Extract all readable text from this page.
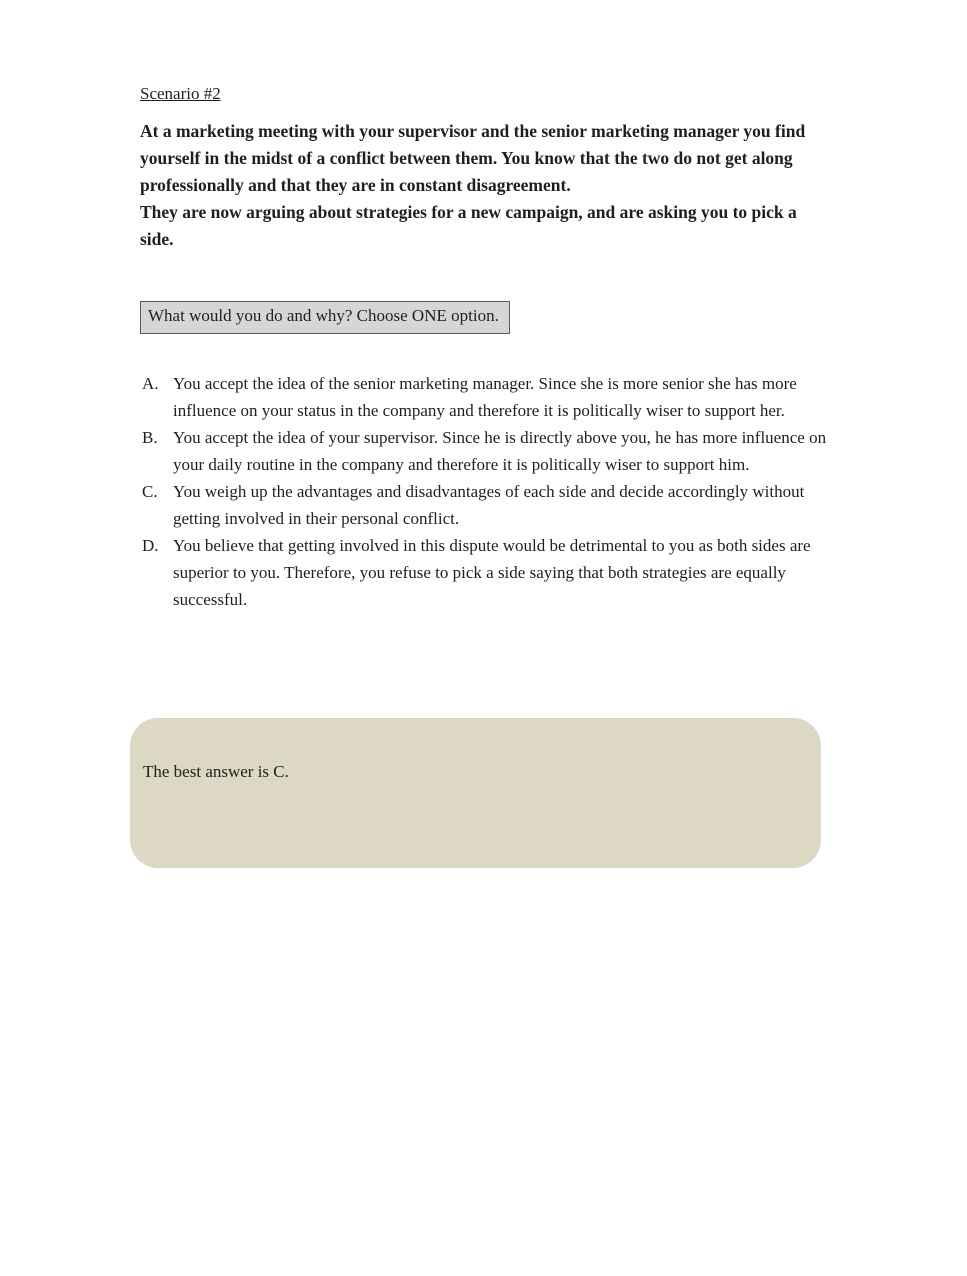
Scenario #2

At a marketing meeting with your supervisor and the senior marketing manager you find yourself in the midst of a conflict between them. You know that the two do not get along professionally and that they are in constant disagreement.

They are now arguing about strategies for a new campaign, and are asking you to pick a side.

What would you do and why? Choose ONE option.
A. You accept the idea of the senior marketing manager. Since she is more senior she has more influence on your status in the company and therefore it is politically wiser to support her.
B. You accept the idea of your supervisor. Since he is directly above you, he has more influence on your daily routine in the company and therefore it is politically wiser to support him.
C. You weigh up the advantages and disadvantages of each side and decide accordingly without getting involved in their personal conflict.
D. You believe that getting involved in this dispute would be detrimental to you as both sides are superior to you. Therefore, you refuse to pick a side saying that both strategies are equally successful.
The best answer is C.
